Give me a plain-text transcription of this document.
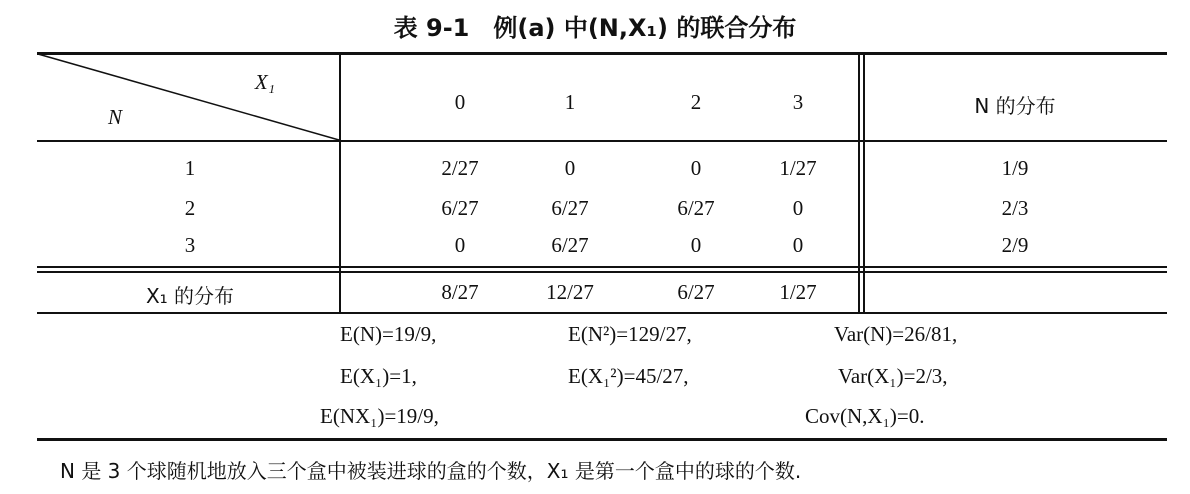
表 9-1　例(a) 中(N,X₁) 的联合分布
X₁
N
0	1	2	3	N 的分布
1	2/27	0	0	1/27	1/9
2	6/27	6/27	6/27	0	2/3
3	0	6/27	0	0	2/9
X₁ 的分布	8/27	12/27	6/27	1/27
E(N)=19/9,	E(N²)=129/27,	Var(N)=26/81,
E(X₁)=1,	E(X₁²)=45/27,	Var(X₁)=2/3,
E(NX₁)=19/9,	Cov(N,X₁)=0.
N 是 3 个球随机地放入三个盒中被装进球的盒的个数，X₁ 是第一个盒中的球的个数.
